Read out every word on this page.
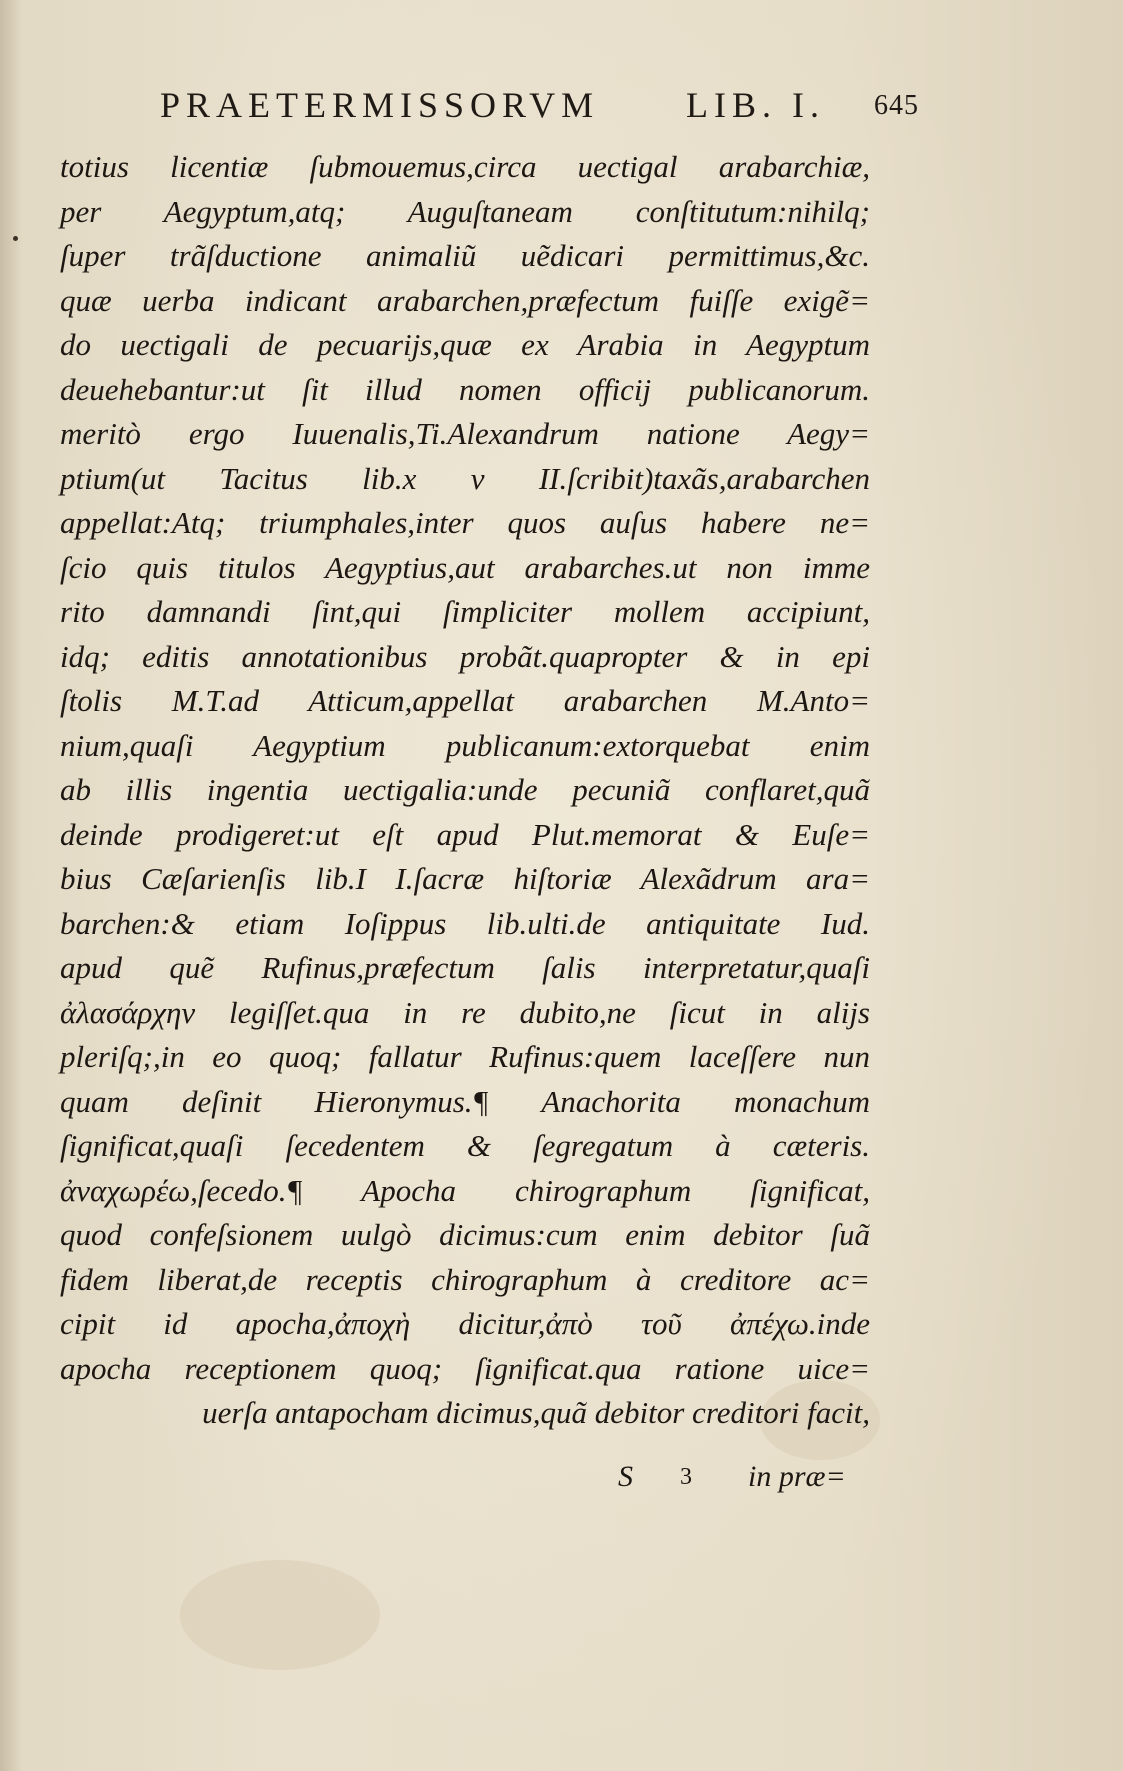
PRAETERMISSORVM LIB. I. 645
totius licentiæ ſubmouemus,circa uectigal arabarchiæ,
per Aegyptum,atq; Auguſtaneam conſtitutum:nihilq;
ſuper trãſductione animaliũ uẽdicari permittimus,&c.
quæ uerba indicant arabarchen,præfectum fuiſſe exigẽ=
do uectigali de pecuarijs,quæ ex Arabia in Aegyptum
deuehebantur:ut ſit illud nomen officij publicanorum.
meritò ergo Iuuenalis,Ti.Alexandrum natione Aegy=
ptium(ut Tacitus lib.x v II.ſcribit)taxãs,arabarchen
appellat:Atq; triumphales,inter quos auſus habere ne=
ſcio quis titulos Aegyptius,aut arabarches.ut non imme
rito damnandi ſint,qui ſimpliciter mollem accipiunt,
idq; editis annotationibus probãt.quapropter & in epi
ſtolis M.T.ad Atticum,appellat arabarchen M.Anto=
nium,quaſi Aegyptium publicanum:extorquebat enim
ab illis ingentia uectigalia:unde pecuniã conflaret,quã
deinde prodigeret:ut eſt apud Plut.memorat & Euſe=
bius Cæſarienſis lib.I I.ſacræ hiſtoriæ Alexãdrum ara=
barchen:& etiam Ioſippus lib.ulti.de antiquitate Iud.
apud quẽ Rufinus,præfectum ſalis interpretatur,quaſi
ἀλασάρχην legiſſet.qua in re dubito,ne ſicut in alijs
pleriſq;,in eo quoq; fallatur Rufinus:quem laceſſere nun
quam deſinit Hieronymus.¶ Anachorita monachum
ſignificat,quaſi ſecedentem & ſegregatum à cæteris.
ἀναχωρέω,ſecedo.¶ Apocha chirographum ſignificat,
quod confeſsionem uulgò dicimus:cum enim debitor ſuã
fidem liberat,de receptis chirographum à creditore ac=
cipit id apocha,ἀποχὴ dicitur,ἀπὸ τοῦ ἀπέχω.inde
apocha receptionem quoq; ſignificat.qua ratione uice=
uerſa antapocham dicimus,quã debitor creditori facit,
S 3 in præ=
